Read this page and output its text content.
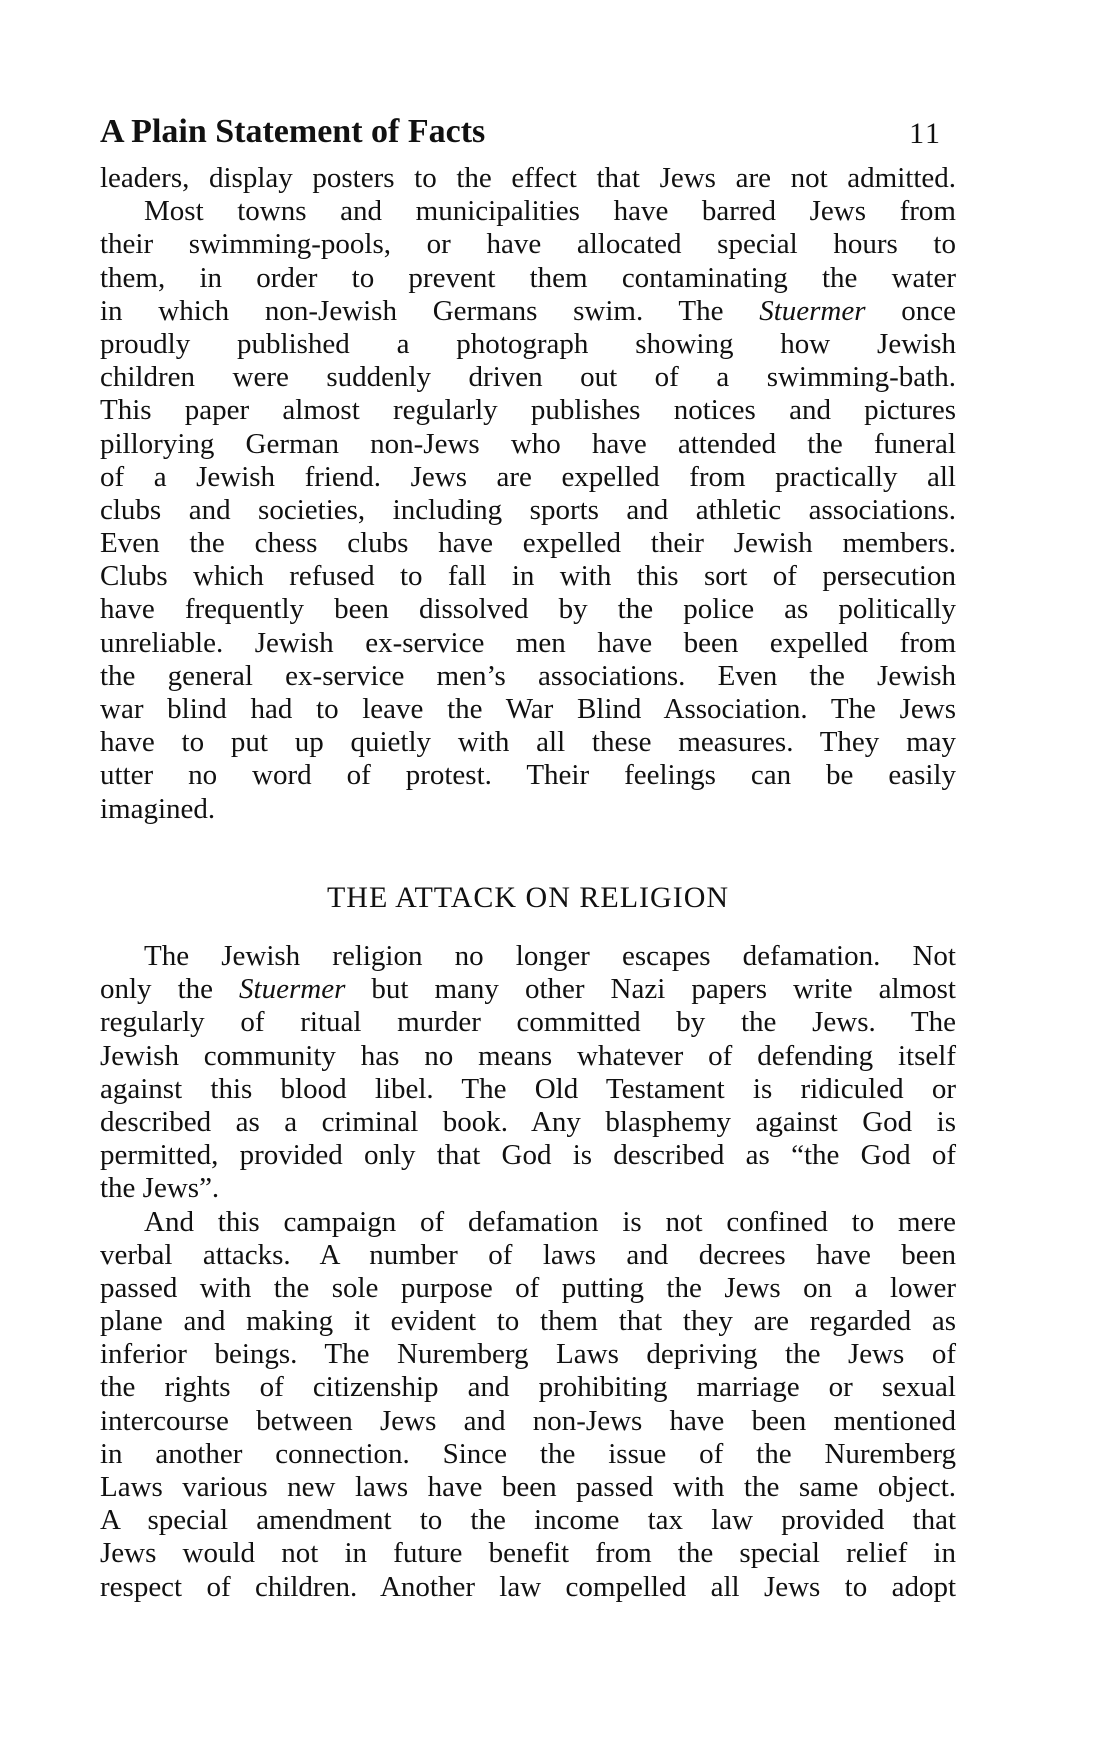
A Plain Statement of Facts	11
leaders, display posters to the effect that Jews are not admitted.
Most towns and municipalities have barred Jews from
their swimming-pools, or have allocated special hours to
them, in order to prevent them contaminating the water
in which non-Jewish Germans swim. The Stuermer once
proudly published a photograph showing how Jewish
children were suddenly driven out of a swimming-bath.
This paper almost regularly publishes notices and pictures
pillorying German non-Jews who have attended the funeral
of a Jewish friend. Jews are expelled from practically all
clubs and societies, including sports and athletic associations.
Even the chess clubs have expelled their Jewish members.
Clubs which refused to fall in with this sort of persecution
have frequently been dissolved by the police as politically
unreliable. Jewish ex-service men have been expelled from
the general ex-service men’s associations. Even the Jewish
war blind had to leave the War Blind Association. The Jews
have to put up quietly with all these measures. They may
utter no word of protest. Their feelings can be easily
imagined.
THE ATTACK ON RELIGION
The Jewish religion no longer escapes defamation. Not
only the Stuermer but many other Nazi papers write almost
regularly of ritual murder committed by the Jews. The
Jewish community has no means whatever of defending itself
against this blood libel. The Old Testament is ridiculed or
described as a criminal book. Any blasphemy against God is
permitted, provided only that God is described as “the God of
the Jews”.
And this campaign of defamation is not confined to mere
verbal attacks. A number of laws and decrees have been
passed with the sole purpose of putting the Jews on a lower
plane and making it evident to them that they are regarded as
inferior beings. The Nuremberg Laws depriving the Jews of
the rights of citizenship and prohibiting marriage or sexual
intercourse between Jews and non-Jews have been mentioned
in another connection. Since the issue of the Nuremberg
Laws various new laws have been passed with the same object.
A special amendment to the income tax law provided that
Jews would not in future benefit from the special relief in
respect of children. Another law compelled all Jews to adopt
